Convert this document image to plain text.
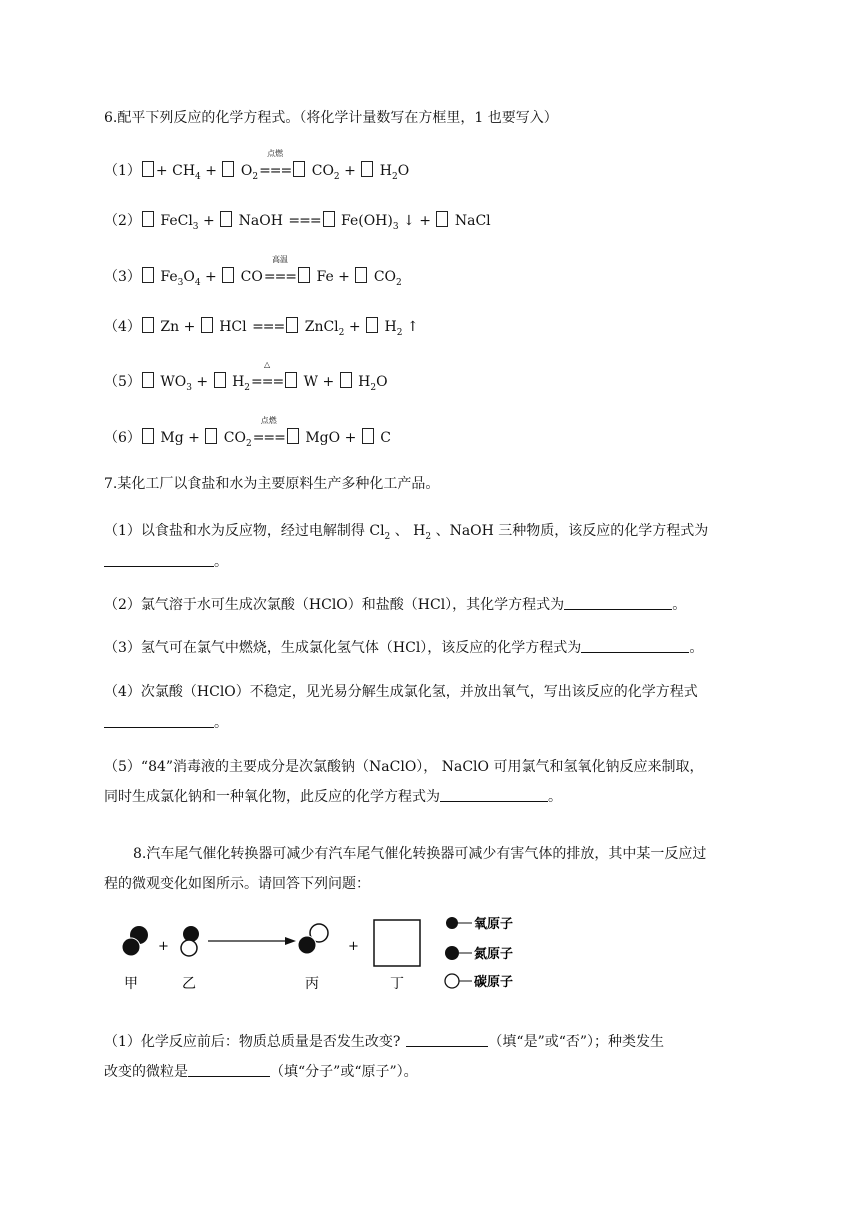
6.配平下列反应的化学方程式。（将化学计量数写在方框里，1 也要写入）
$(1) + CH_4 + O_2$
点燃
=== $CO_2 + H_2O$
（2） FeCl$_3$ +  NaOH
=== $Fe(OH)_3$ ↓ +  NaCl
（3） $Fe_3O_4$ +  CO
高温
=== $Fe + CO_2$
（4） Zn +  HCl
=== ZnCl$_2$ +  $H_2$ ↑
（5） $WO_3 + H_2$
△
=== $W + H_2O$
（6） $Mg + CO_2$
点燃
=== MgO +  C
7.某化工厂以食盐和水为主要原料生产多种化工产品。
（1）以食盐和水为反应物，经过电解制得 $Cl_2$ 、 $H_2$ 、NaOH 三种物质，该反应的化学方程式为
。
（2）氯气溶于水可生成次氯酸（HClO）和盐酸（HCl），其化学方程式为	。
（3）氢气可在氯气中燃烧，生成氯化氢气体（HCl），该反应的化学方程式为	。
（4）次氯酸（HClO）不稳定，见光易分解生成氯化氢，并放出氧气，写出该反应的化学方程式
。
（5）“84”消毒液的主要成分是次氯酸钠（NaClO）， NaClO 可用氯气和氢氧化钠反应来制取，
同时生成氯化钠和一种氧化物，此反应的化学方程式为	。
8.汽车尾气催化转换器可减少有汽车尾气催化转换器可减少有害气体的排放，其中某一反应过
程的微观变化如图所示。请回答下列问题：
甲
+
乙	丙
+
丁
氧原子
氮原子
碳原子
（1）化学反应前后：物质总质量是否发生改变?	（填“是”或“否”）；种类发生
改变的微粒是	（填“分子”或“原子”）。
